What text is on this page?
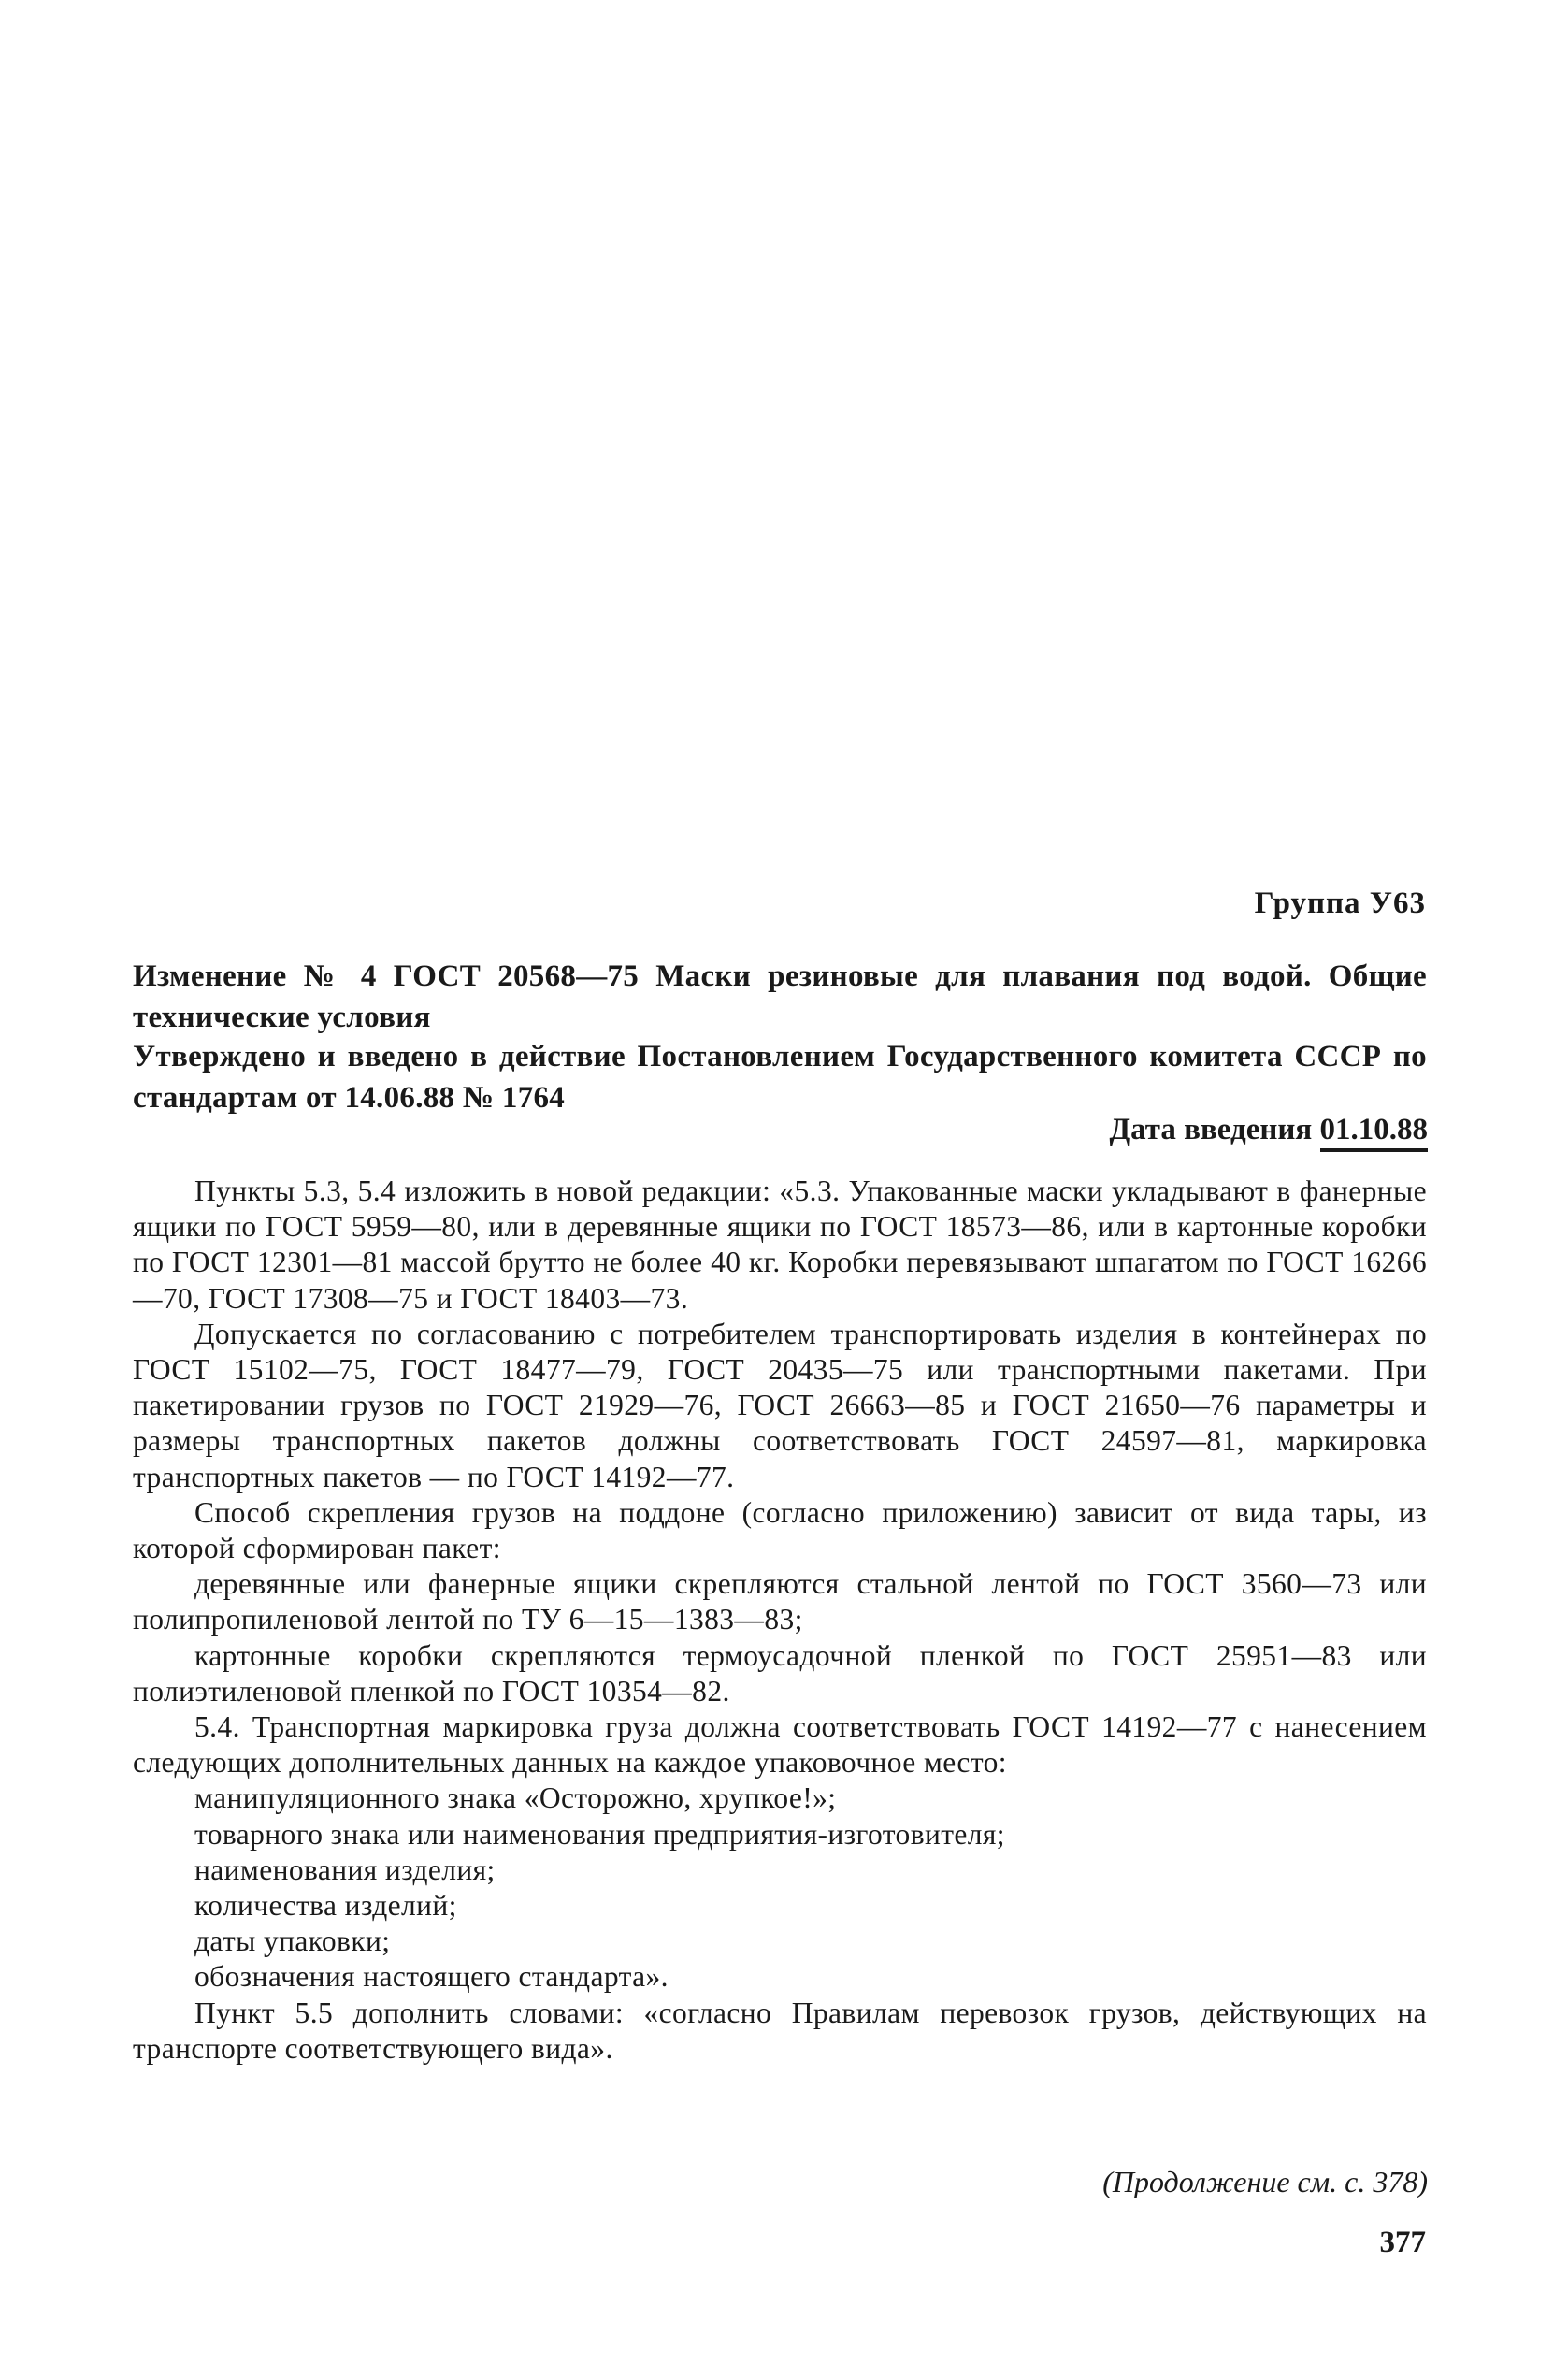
Группа У63
Изменение № 4 ГОСТ 20568—75 Маски резиновые для плавания под водой. Общие технические условия
Утверждено и введено в действие Постановлением Государственного комитета СССР по стандартам от 14.06.88 № 1764
Дата введения 01.10.88

Пункты 5.3, 5.4 изложить в новой редакции: «5.3. Упакованные маски укладывают в фанерные ящики по ГОСТ 5959—80, или в деревянные ящики по ГОСТ 18573—86, или в картонные коробки по ГОСТ 12301—81 массой брутто не более 40 кг. Коробки перевязывают шпагатом по ГОСТ 16266—70, ГОСТ 17308—75 и ГОСТ 18403—73.

Допускается по согласованию с потребителем транспортировать изделия в контейнерах по ГОСТ 15102—75, ГОСТ 18477—79, ГОСТ 20435—75 или транспортными пакетами. При пакетировании грузов по ГОСТ 21929—76, ГОСТ 26663—85 и ГОСТ 21650—76 параметры и размеры транспортных пакетов должны соответствовать ГОСТ 24597—81, маркировка транспортных пакетов — по ГОСТ 14192—77.

Способ скрепления грузов на поддоне (согласно приложению) зависит от вида тары, из которой сформирован пакет:

деревянные или фанерные ящики скрепляются стальной лентой по ГОСТ 3560—73 или полипропиленовой лентой по ТУ 6—15—1383—83;

картонные коробки скрепляются термоусадочной пленкой по ГОСТ 25951—83 или полиэтиленовой пленкой по ГОСТ 10354—82.

5.4. Транспортная маркировка груза должна соответствовать ГОСТ 14192—77 с нанесением следующих дополнительных данных на каждое упаковочное место:

манипуляционного знака «Осторожно, хрупкое!»;

товарного знака или наименования предприятия-изготовителя;

наименования изделия;

количества изделий;

даты упаковки;

обозначения настоящего стандарта».

Пункт 5.5 дополнить словами: «согласно Правилам перевозок грузов, действующих на транспорте соответствующего вида».

(Продолжение см. с. 378)
377
